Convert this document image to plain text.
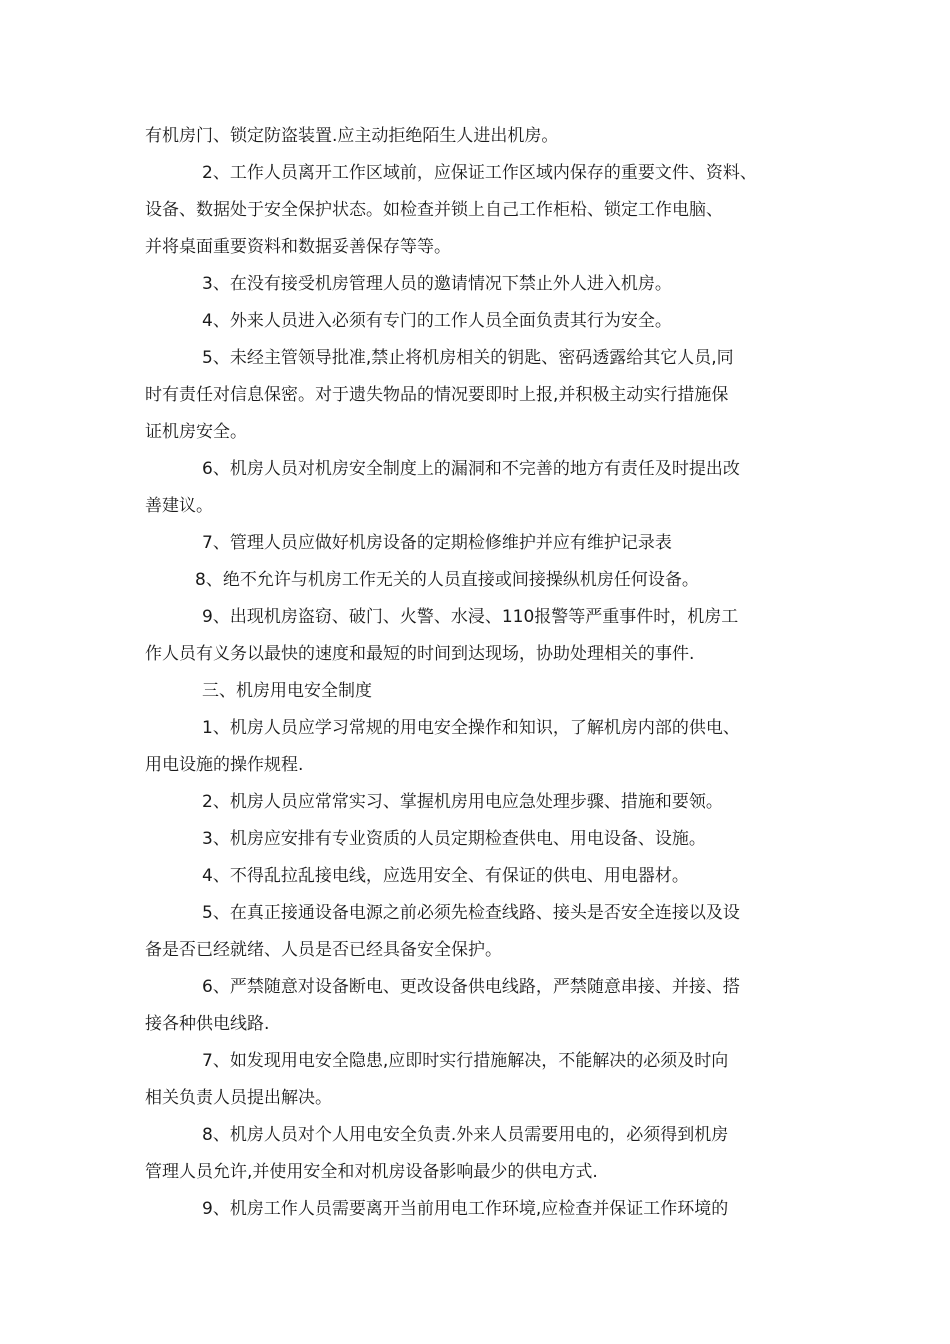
有机房门、锁定防盗装置.应主动拒绝陌生人进出机房。
2、工作人员离开工作区域前，应保证工作区域内保存的重要文件、资料、
设备、数据处于安全保护状态。如检查并锁上自己工作柜柗、锁定工作电脑、
并将桌面重要资料和数据妥善保存等等。
3、在没有接受机房管理人员的邀请情况下禁止外人进入机房。
4、外来人员进入必须有专门的工作人员全面负责其行为安全。
5、未经主管领导批准,禁止将机房相关的钥匙、密码透露给其它人员,同
时有责任对信息保密。对于遗失物品的情况要即时上报,并积极主动实行措施保
证机房安全。
6、机房人员对机房安全制度上的漏洞和不完善的地方有责任及时提出改
善建议。
7、管理人员应做好机房设备的定期检修维护并应有维护记录表
8、绝不允许与机房工作无关的人员直接或间接操纵机房任何设备。
9、出现机房盗窃、破门、火警、水浸、110报警等严重事件时，机房工
作人员有义务以最快的速度和最短的时间到达现场，协助处理相关的事件.
三、机房用电安全制度
1、机房人员应学习常规的用电安全操作和知识，了解机房内部的供电、
用电设施的操作规程.
2、机房人员应常常实习、掌握机房用电应急处理步骤、措施和要领。
3、机房应安排有专业资质的人员定期检查供电、用电设备、设施。
4、不得乱拉乱接电线，应选用安全、有保证的供电、用电器材。
5、在真正接通设备电源之前必须先检查线路、接头是否安全连接以及设
备是否已经就绪、人员是否已经具备安全保护。
6、严禁随意对设备断电、更改设备供电线路，严禁随意串接、并接、搭
接各种供电线路.
7、如发现用电安全隐患,应即时实行措施解决，不能解决的必须及时向
相关负责人员提出解决。
8、机房人员对个人用电安全负责.外来人员需要用电的，必须得到机房
管理人员允许,并使用安全和对机房设备影响最少的供电方式.
9、机房工作人员需要离开当前用电工作环境,应检查并保证工作环境的
